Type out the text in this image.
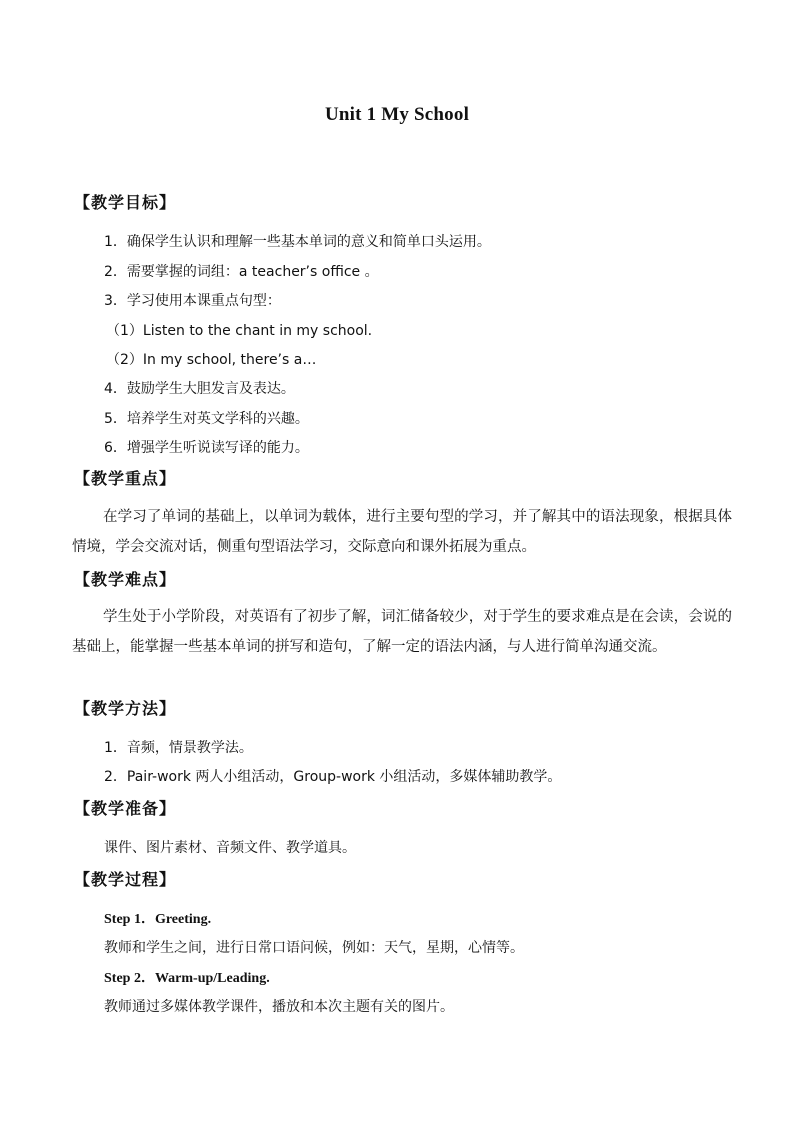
Unit 1 My School
【教学目标】
1．确保学生认识和理解一些基本单词的意义和简单口头运用。
2．需要掌握的词组：a teacher’s office 。
3．学习使用本课重点句型：
（1）Listen to the chant in my school.
（2）In my school, there’s a…
4．鼓励学生大胆发言及表达。
5．培养学生对英文学科的兴趣。
6．增强学生听说读写译的能力。
【教学重点】
在学习了单词的基础上，以单词为载体，进行主要句型的学习，并了解其中的语法现象，根据具体情境，学会交流对话，侧重句型语法学习，交际意向和课外拓展为重点。
【教学难点】
学生处于小学阶段，对英语有了初步了解，词汇储备较少，对于学生的要求难点是在会读，会说的基础上，能掌握一些基本单词的拼写和造句，了解一定的语法内涵，与人进行简单沟通交流。
【教学方法】
1．音频，情景教学法。
2．Pair-work 两人小组活动，Group-work 小组活动，多媒体辅助教学。
【教学准备】
课件、图片素材、音频文件、教学道具。
【教学过程】
Step 1．Greeting.
教师和学生之间，进行日常口语问候，例如：天气，星期，心情等。
Step 2．Warm-up/Leading.
教师通过多媒体教学课件，播放和本次主题有关的图片。
